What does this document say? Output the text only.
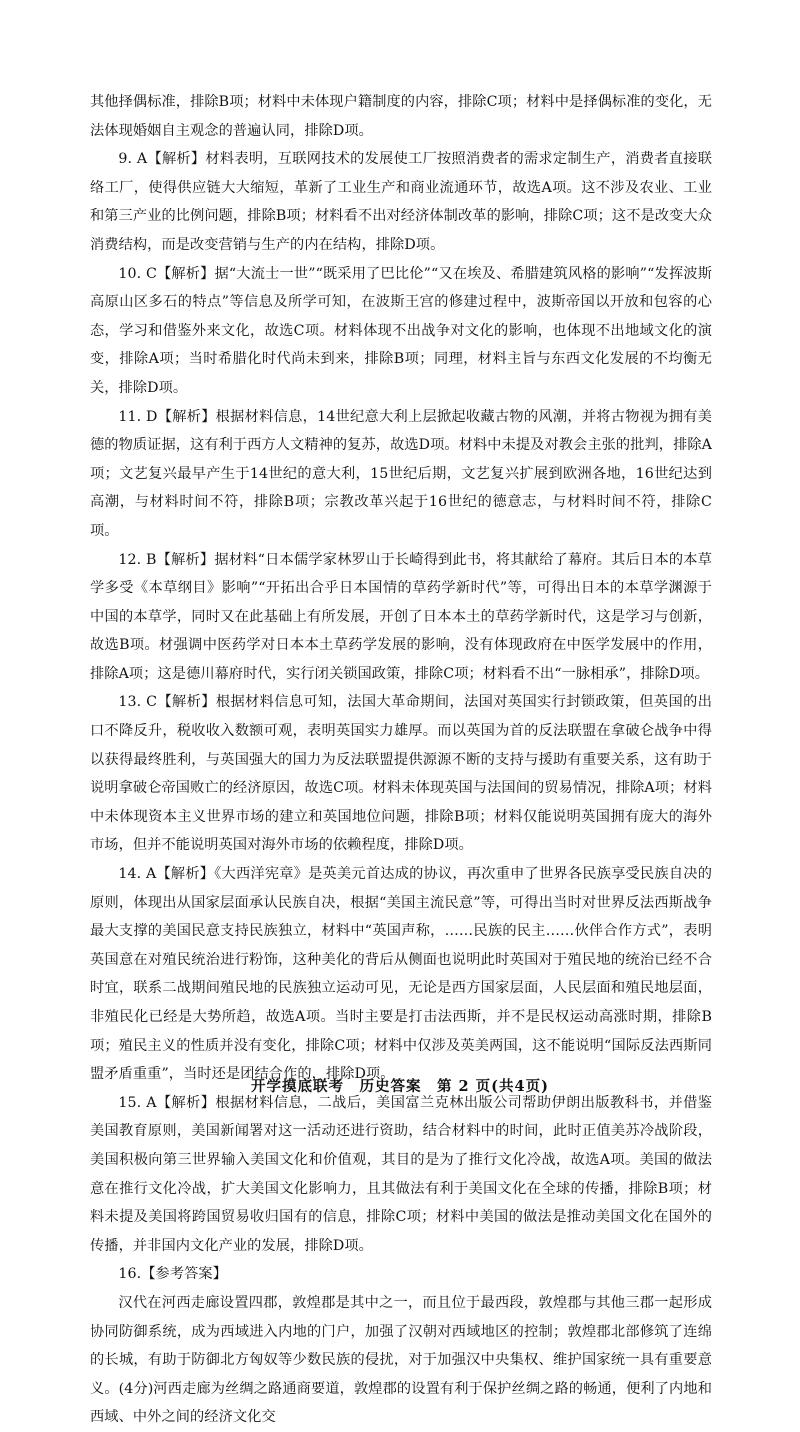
其他择偶标准，排除B项；材料中未体现户籍制度的内容，排除C项；材料中是择偶标准的变化，无法体现婚姻自主观念的普遍认同，排除D项。

9. A【解析】材料表明，互联网技术的发展使工厂按照消费者的需求定制生产，消费者直接联络工厂，使得供应链大大缩短，革新了工业生产和商业流通环节，故选A项。这不涉及农业、工业和第三产业的比例问题，排除B项；材料看不出对经济体制改革的影响，排除C项；这不是改变大众消费结构，而是改变营销与生产的内在结构，排除D项。

10. C【解析】据“大流士一世”“既采用了巴比伦”“又在埃及、希腊建筑风格的影响”“发挥波斯高原山区多石的特点”等信息及所学可知，在波斯王宫的修建过程中，波斯帝国以开放和包容的心态，学习和借鉴外来文化，故选C项。材料体现不出战争对文化的影响，也体现不出地域文化的演变，排除A项；当时希腊化时代尚未到来，排除B项；同理，材料主旨与东西文化发展的不均衡无关，排除D项。

11. D【解析】根据材料信息，14世纪意大利上层掀起收藏古物的风潮，并将古物视为拥有美德的物质证据，这有利于西方人文精神的复苏，故选D项。材料中未提及对教会主张的批判，排除A项；文艺复兴最早产生于14世纪的意大利，15世纪后期，文艺复兴扩展到欧洲各地，16世纪达到高潮，与材料时间不符，排除B项；宗教改革兴起于16世纪的德意志，与材料时间不符，排除C项。

12. B【解析】据材料“日本儒学家林罗山于长崎得到此书，将其献给了幕府。其后日本的本草学多受《本草纲目》影响”“开拓出合乎日本国情的草药学新时代”等，可得出日本的本草学渊源于中国的本草学，同时又在此基础上有所发展，开创了日本本土的草药学新时代，这是学习与创新，故选B项。材强调中医药学对日本本土草药学发展的影响，没有体现政府在中医学发展中的作用，排除A项；这是德川幕府时代，实行闭关锁国政策，排除C项；材料看不出“一脉相承”，排除D项。

13. C【解析】根据材料信息可知，法国大革命期间，法国对英国实行封锁政策，但英国的出口不降反升，税收收入数额可观，表明英国实力雄厚。而以英国为首的反法联盟在拿破仑战争中得以获得最终胜利，与英国强大的国力为反法联盟提供源源不断的支持与援助有重要关系，这有助于说明拿破仑帝国败亡的经济原因，故选C项。材料未体现英国与法国间的贸易情况，排除A项；材料中未体现资本主义世界市场的建立和英国地位问题，排除B项；材料仅能说明英国拥有庞大的海外市场，但并不能说明英国对海外市场的依赖程度，排除D项。

14. A【解析】《大西洋宪章》是英美元首达成的协议，再次重申了世界各民族享受民族自决的原则，体现出从国家层面承认民族自决，根据“美国主流民意”等，可得出当时对世界反法西斯战争最大支撑的美国民意支持民族独立，材料中“英国声称，……民族的民主……伙伴合作方式”，表明英国意在对殖民统治进行粉饰，这种美化的背后从侧面也说明此时英国对于殖民地的统治已经不合时宜，联系二战期间殖民地的民族独立运动可见，无论是西方国家层面，人民层面和殖民地层面，非殖民化已经是大势所趋，故选A项。当时主要是打击法西斯，并不是民权运动高涨时期，排除B项；殖民主义的性质并没有变化，排除C项；材料中仅涉及英美两国，这不能说明“国际反法西斯同盟矛盾重重”，当时还是团结合作的，排除D项。

15. A【解析】根据材料信息，二战后，美国富兰克林出版公司帮助伊朗出版教科书，并借鉴美国教育原则，美国新闻署对这一活动还进行资助，结合材料中的时间，此时正值美苏冷战阶段，美国积极向第三世界输入美国文化和价值观，其目的是为了推行文化冷战，故选A项。美国的做法意在推行文化冷战，扩大美国文化影响力，且其做法有利于美国文化在全球的传播，排除B项；材料未提及美国将跨国贸易收归国有的信息，排除C项；材料中美国的做法是推动美国文化在国外的传播，并非国内文化产业的发展，排除D项。

16.【参考答案】

汉代在河西走廊设置四郡，敦煌郡是其中之一，而且位于最西段，敦煌郡与其他三郡一起形成协同防御系统，成为西域进入内地的门户，加强了汉朝对西域地区的控制；敦煌郡北部修筑了连绵的长城，有助于防御北方匈奴等少数民族的侵扰，对于加强汉中央集权、维护国家统一具有重要意义。(4分)河西走廊为丝绸之路通商要道，敦煌郡的设置有利于保护丝绸之路的畅通，便利了内地和西域、中外之间的经济文化交

开学摸底联考　历史答案　第 2 页(共4页)
